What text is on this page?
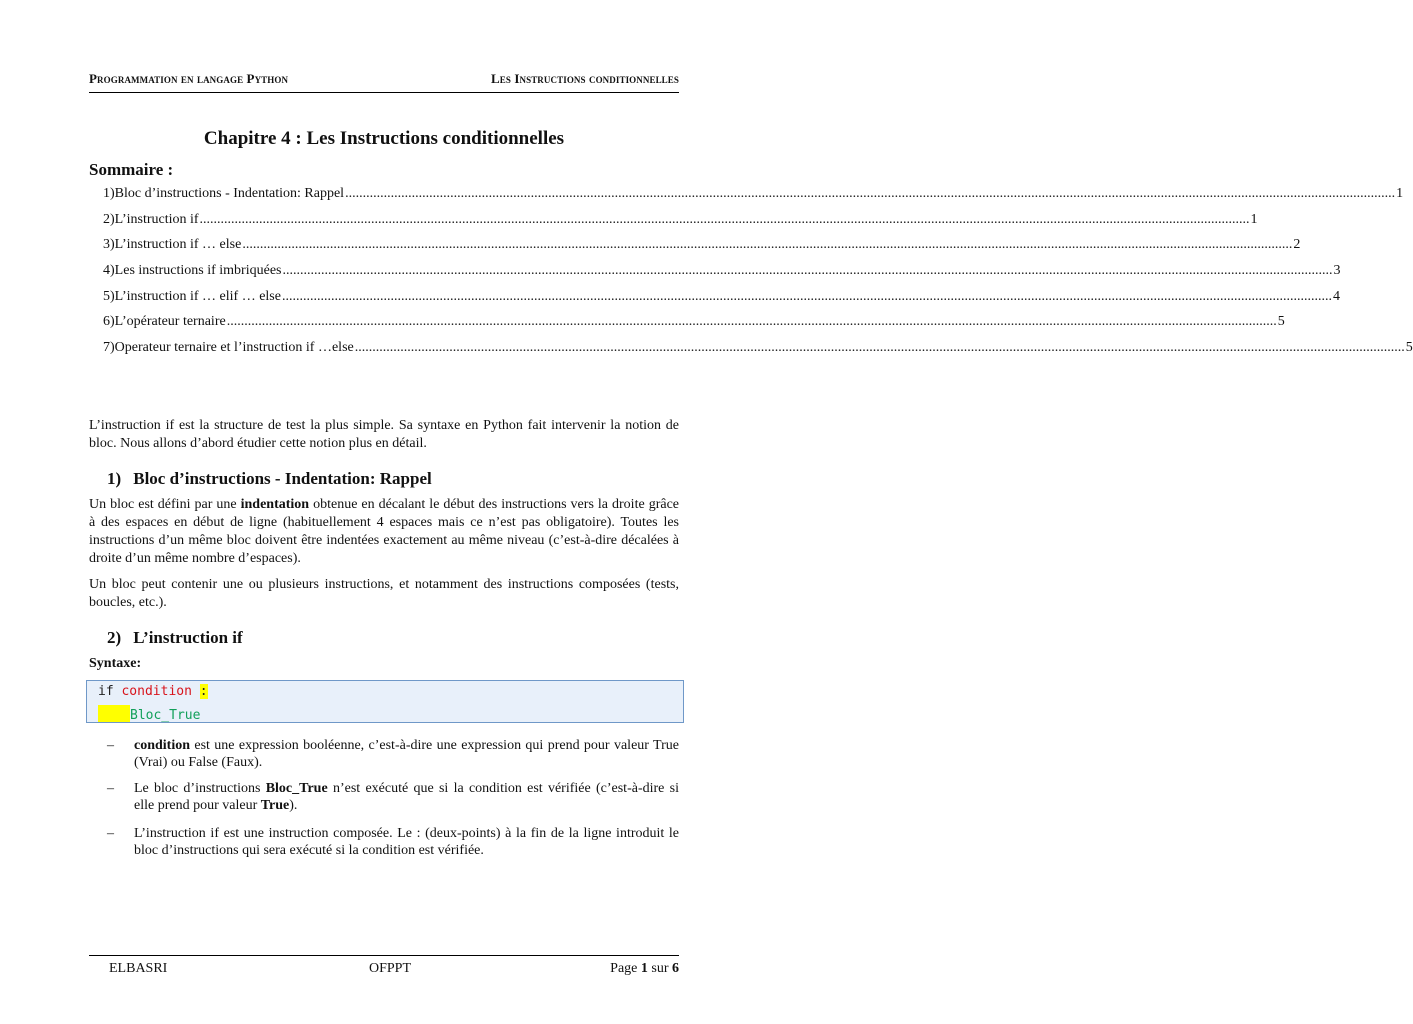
Programmation en langage Python	Les Instructions conditionnelles
Chapitre 4 : Les Instructions conditionnelles
Sommaire :
1) Bloc d’instructions - Indentation: Rappel ............................................................................................................................................................................................................................................................................................................ 1
2) L’instruction if ............................................................................................................................................................................................................................................................................................................ 1
3) L’instruction if … else ............................................................................................................................................................................................................................................................................................................ 2
4) Les instructions if imbriquées ............................................................................................................................................................................................................................................................................................................ 3
5) L’instruction if … elif … else ............................................................................................................................................................................................................................................................................................................ 4
6) L’opérateur ternaire ............................................................................................................................................................................................................................................................................................................ 5
7) Operateur ternaire et l’instruction if …else ............................................................................................................................................................................................................................................................................................................ 5
L’instruction if est la structure de test la plus simple. Sa syntaxe en Python fait intervenir la notion de bloc. Nous allons d’abord étudier cette notion plus en détail.
1) Bloc d’instructions - Indentation: Rappel
Un bloc est défini par une indentation obtenue en décalant le début des instructions vers la droite grâce à des espaces en début de ligne (habituellement 4 espaces mais ce n’est pas obligatoire). Toutes les instructions d’un même bloc doivent être indentées exactement au même niveau (c’est-à-dire décalées à droite d’un même nombre d’espaces).
Un bloc peut contenir une ou plusieurs instructions, et notamment des instructions composées (tests, boucles, etc.).
2) L’instruction if
Syntaxe:
if condition :
Bloc_True
– condition est une expression booléenne, c’est-à-dire une expression qui prend pour valeur True (Vrai) ou False (Faux).
– Le bloc d’instructions Bloc_True n’est exécuté que si la condition est vérifiée (c’est-à-dire si elle prend pour valeur True).
– L’instruction if est une instruction composée. Le : (deux-points) à la fin de la ligne introduit le bloc d’instructions qui sera exécuté si la condition est vérifiée.
ELBASRI	OFPPT	Page 1 sur 6
